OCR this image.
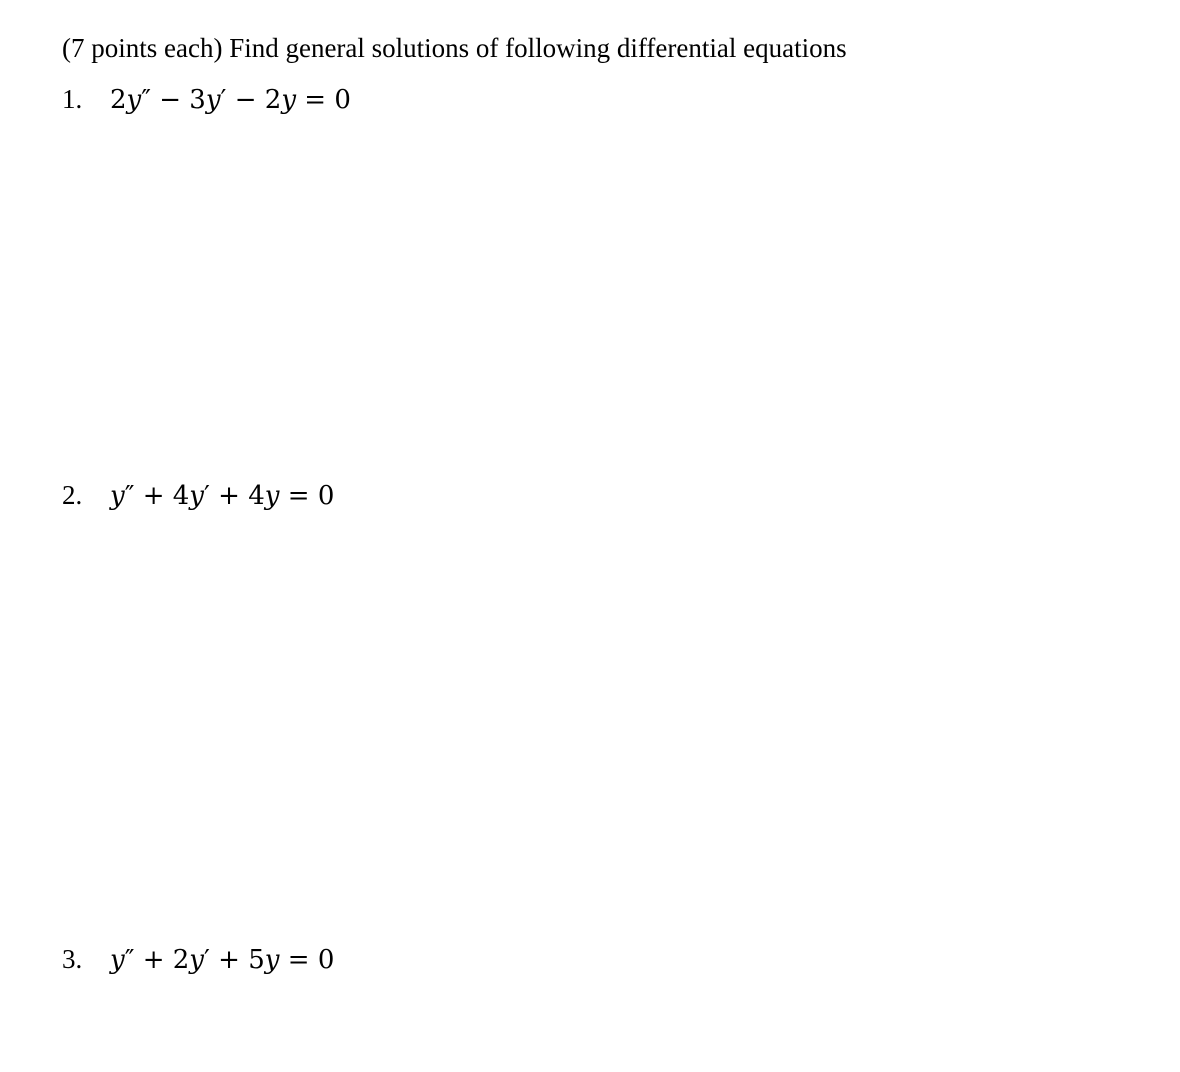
(7 points each) Find general solutions of following differential equations
1. 2y″ − 3y′ − 2y = 0
2. y″ + 4y′ + 4y = 0
3. y″ + 2y′ + 5y = 0
